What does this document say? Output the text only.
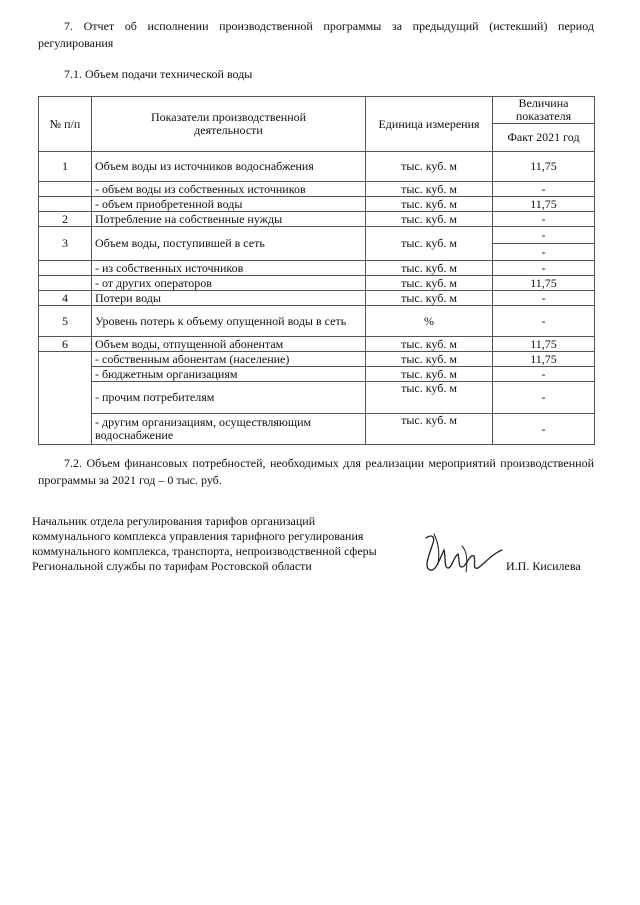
7. Отчет об исполнении производственной программы за предыдущий (истекший) период регулирования

7.1. Объем подачи технической воды

№ п/п	Показатели производственной деятельности	Единица измерения	Величина показателя
			Факт 2021 год
1	Объем воды из источников водоснабжения	тыс. куб. м	11,75
	- объем воды из собственных источников	тыс. куб. м	-
	- объем приобретенной воды	тыс. куб. м	11,75
2	Потребление на собственные нужды	тыс. куб. м	-
3	Объем воды, поступившей в сеть	тыс. куб. м	-
			-
	- из собственных источников	тыс. куб. м	-
	- от других операторов	тыс. куб. м	11,75
4	Потери воды	тыс. куб. м	-
5	Уровень потерь к объему опущенной воды в сеть	%	-
6	Объем воды, отпущенной абонентам	тыс. куб. м	11,75
	- собственным абонентам (население)	тыс. куб. м	11,75
	- бюджетным организациям	тыс. куб. м	-
	- прочим потребителям	тыс. куб. м	-
	- другим организациям, осуществляющим водоснабжение	тыс. куб. м	-

7.2. Объем финансовых потребностей, необходимых для реализации мероприятий производственной программы за 2021 год – 0 тыс. руб.

Начальник отдела регулирования тарифов организаций
коммунального комплекса управления тарифного регулирования
коммунального комплекса, транспорта, непроизводственной сферы
Региональной службы по тарифам Ростовской области	И.П. Кисилева
